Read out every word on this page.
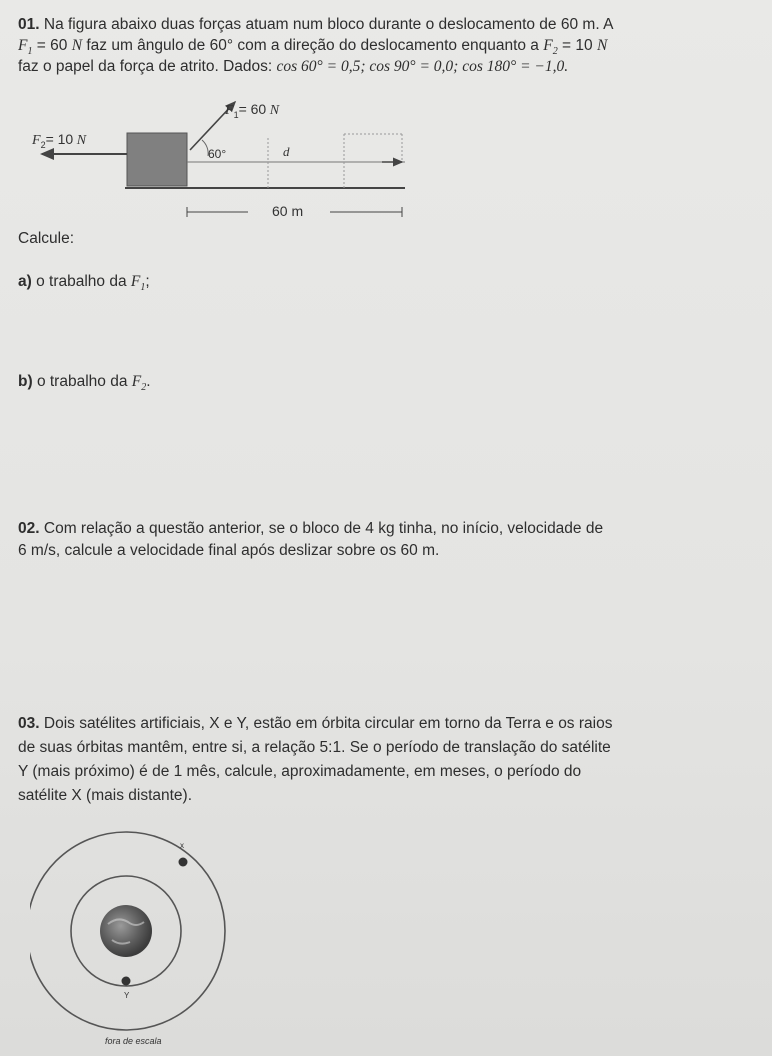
01. Na figura abaixo duas forças atuam num bloco durante o deslocamento de 60 m. A
$F_1 = 60$ N faz um ângulo de 60° com a direção do deslocamento enquanto a $F_2 = 10$ N
faz o papel da força de atrito. Dados: cos 60° = 0,5; cos 90° = 0,0; cos 180° = −1,0.
$F_1= 60$ N
$F_2= 10$ N
60°	d
60 m
Calcule:
a) o trabalho da $F_1$;
b) o trabalho da $F_2$.
02. Com relação a questão anterior, se o bloco de 4 kg tinha, no início, velocidade de
6 m/s, calcule a velocidade final após deslizar sobre os 60 m.
03. Dois satélites artificiais, X e Y, estão em órbita circular em torno da Terra e os raios
de suas órbitas mantêm, entre si, a relação 5:1. Se o período de translação do satélite
Y (mais próximo) é de 1 mês, calcule, aproximadamente, em meses, o período do
satélite X (mais distante).
x
Y
fora de escala
